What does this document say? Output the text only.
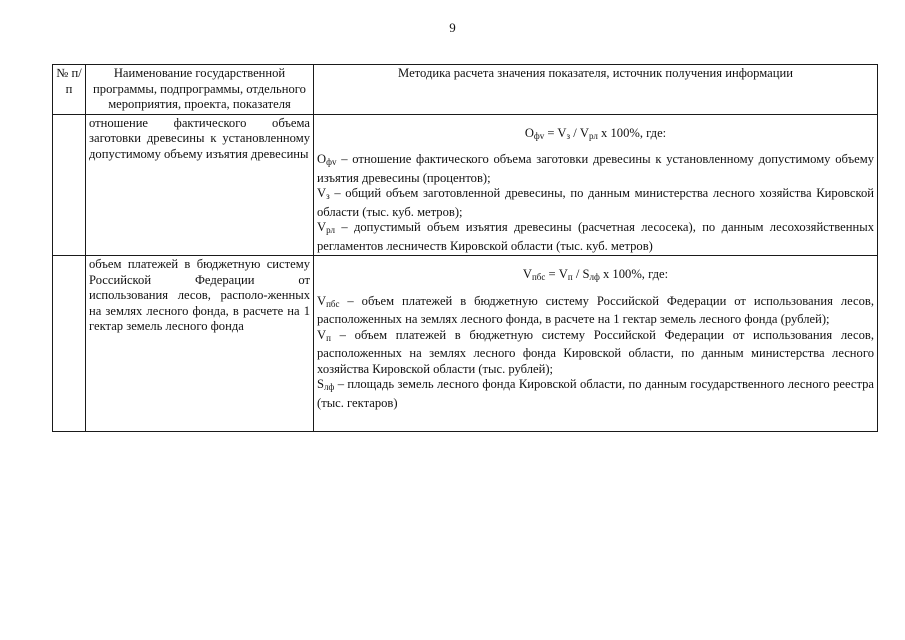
9
№ п/п	Наименование государственной программы, подпрограммы, отдельного мероприятия, проекта, показателя	Методика расчета значения показателя, источник получения информации
	отношение фактического объема заготовки древесины к установленному допустимому объему изъятия древесины	$О_{фv} = V_з / V_{рл}$ х 100%, где:
$О_{фv}$ – отношение фактического объема заготовки древесины к установленному допустимому объему изъятия древесины (процентов);
$V_з$ – общий объем заготовленной древесины, по данным министерства лесного хозяйства Кировской области (тыс. куб. метров);
$V_{рл}$ – допустимый объем изъятия древесины (расчетная лесосека), по данным лесохозяйственных регламентов лесничеств Кировской области (тыс. куб. метров)

	объем платежей в бюджетную систему Российской Федерации от использования лесов, располо-женных на землях лесного фонда, в расчете на 1 гектар земель лесного фонда	$V_{пбс} = V_п / S_{лф}$ х 100%, где:
$V_{пбс}$ – объем платежей в бюджетную систему Российской Федерации от использования лесов, расположенных на землях лесного фонда, в расчете на 1 гектар земель лесного фонда (рублей);
$V_п$ – объем платежей в бюджетную систему Российской Федерации от использования лесов, расположенных на землях лесного фонда Кировской области, по данным министерства лесного хозяйства Кировской области (тыс. рублей);
$S_{лф}$ – площадь земель лесного фонда Кировской области, по данным государственного лесного реестра (тыс. гектаров)
